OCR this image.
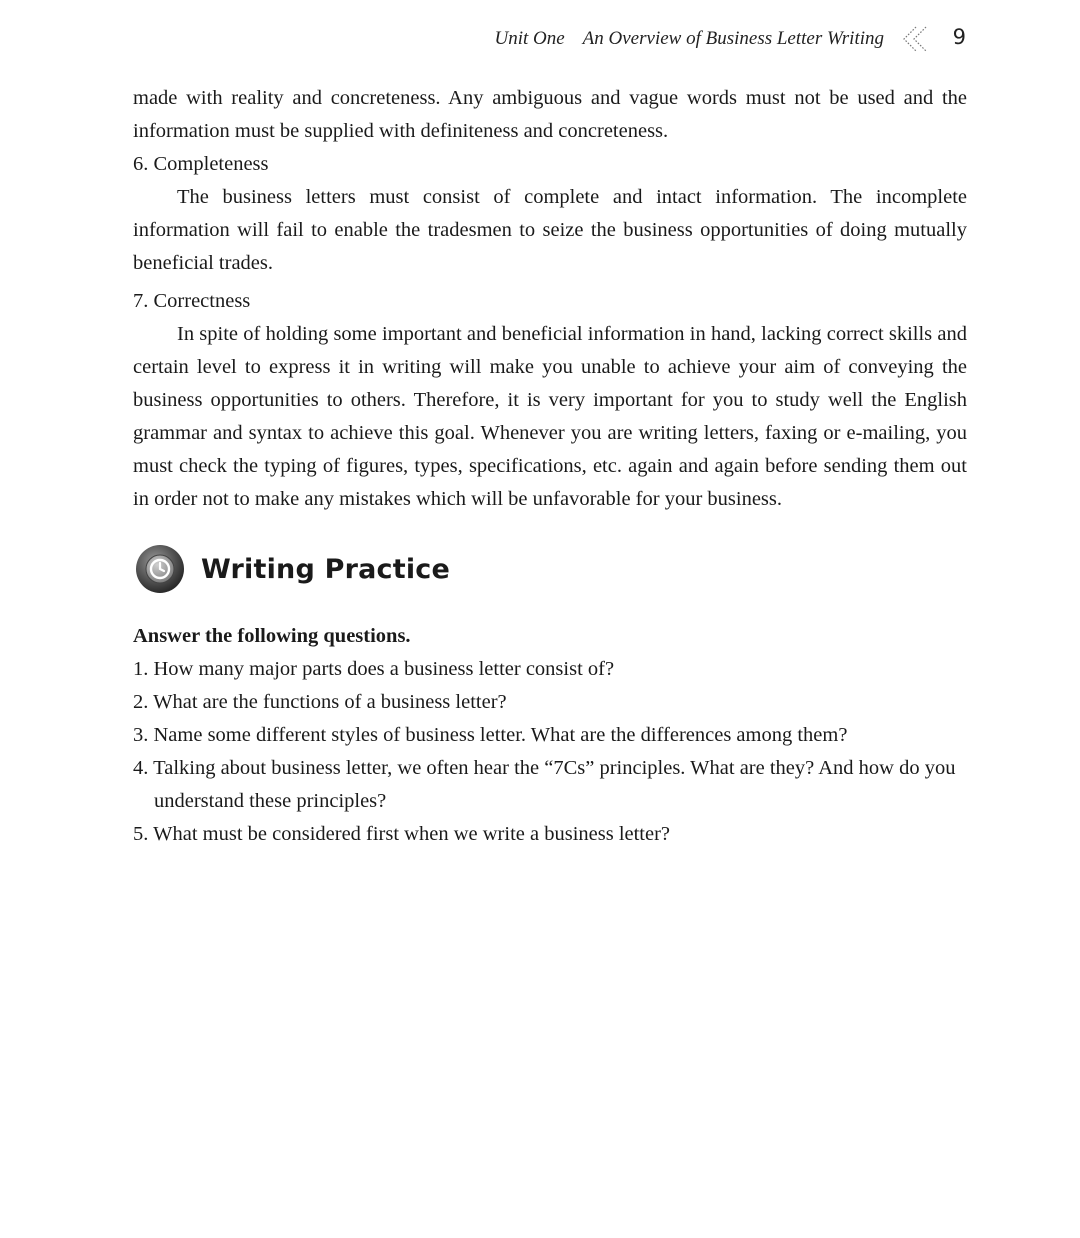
Unit One An Overview of Business Letter Writing	9

made with reality and concreteness. Any ambiguous and vague words must not be used and the information must be supplied with definiteness and concreteness.

6. Completeness

The business letters must consist of complete and intact information. The incomplete information will fail to enable the tradesmen to seize the business opportunities of doing mutually beneficial trades.

7. Correctness

In spite of holding some important and beneficial information in hand, lacking correct skills and certain level to express it in writing will make you unable to achieve your aim of conveying the business opportunities to others. Therefore, it is very important for you to study well the English grammar and syntax to achieve this goal. Whenever you are writing letters, faxing or e-mailing, you must check the typing of figures, types, specifications, etc. again and again before sending them out in order not to make any mistakes which will be unfavorable for your business.

Writing Practice
Answer the following questions.
1. How many major parts does a business letter consist of?
2. What are the functions of a business letter?
3. Name some different styles of business letter. What are the differences among them?
4. Talking about business letter, we often hear the “7Cs” principles. What are they? And how do you understand these principles?
5. What must be considered first when we write a business letter?
